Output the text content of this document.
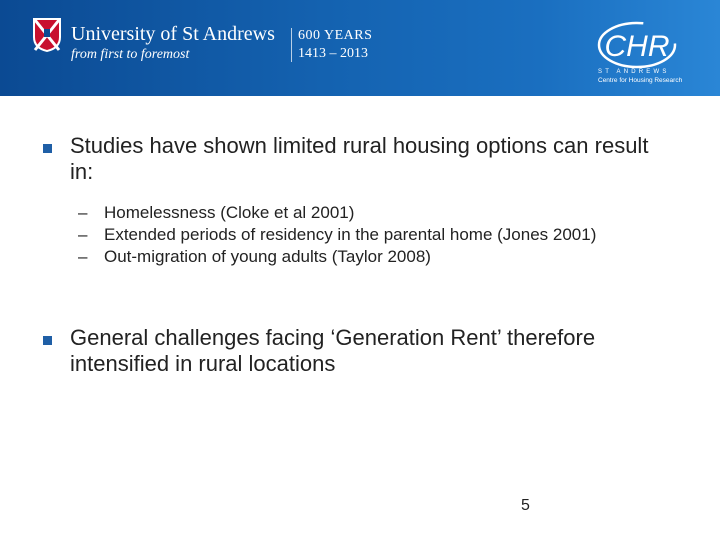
University of St Andrews
from first to foremost
600 YEARS
1413 – 2013	CHR
ST ANDREWS
Centre for Housing Research
Studies have shown limited rural housing options can result in:
– Homelessness (Cloke et al 2001)
– Extended periods of residency in the parental home (Jones 2001)
– Out-migration of young adults (Taylor 2008)
General challenges facing ‘Generation Rent’ therefore intensified in rural locations
5
